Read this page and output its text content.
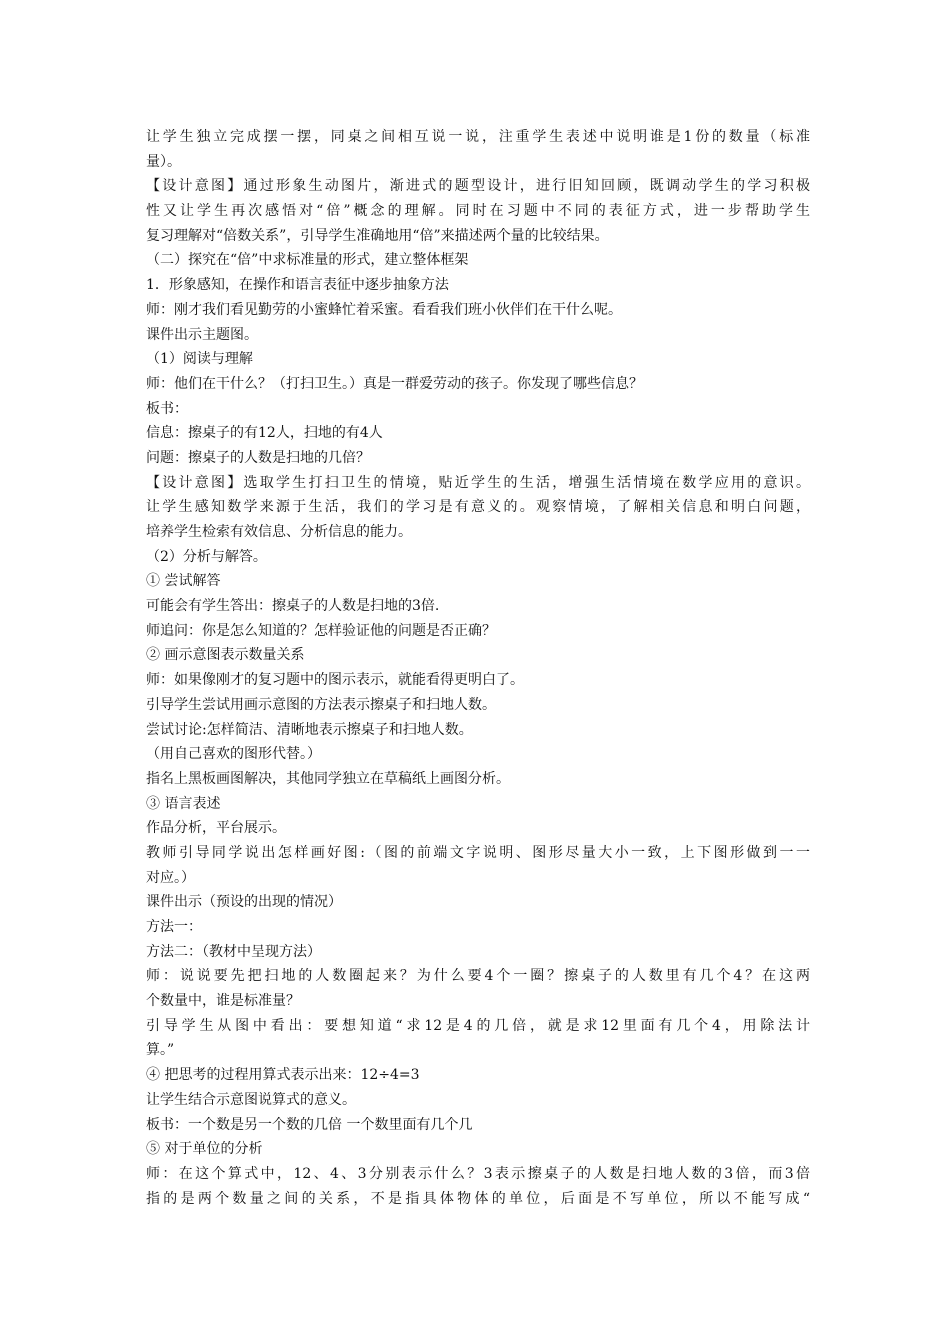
让学生独立完成摆一摆，同桌之间相互说一说，注重学生表述中说明谁是1份的数量（标准
量）。
【设计意图】通过形象生动图片，渐进式的题型设计，进行旧知回顾，既调动学生的学习积极
性又让学生再次感悟对“倍”概念的理解。同时在习题中不同的表征方式，进一步帮助学生
复习理解对“倍数关系”，引导学生准确地用“倍”来描述两个量的比较结果。
（二）探究在“倍”中求标准量的形式，建立整体框架
1．形象感知，在操作和语言表征中逐步抽象方法
师：刚才我们看见勤劳的小蜜蜂忙着采蜜。看看我们班小伙伴们在干什么呢。
课件出示主题图。
（1）阅读与理解
师：他们在干什么？（打扫卫生。）真是一群爱劳动的孩子。你发现了哪些信息？
板书：
信息：擦桌子的有12人，扫地的有4人
问题：擦桌子的人数是扫地的几倍？
【设计意图】选取学生打扫卫生的情境，贴近学生的生活，增强生活情境在数学应用的意识。
让学生感知数学来源于生活，我们的学习是有意义的。观察情境，了解相关信息和明白问题，
培养学生检索有效信息、分析信息的能力。
（2）分析与解答。
① 尝试解答
可能会有学生答出：擦桌子的人数是扫地的3倍.
师追问：你是怎么知道的？怎样验证他的问题是否正确？
② 画示意图表示数量关系
师：如果像刚才的复习题中的图示表示，就能看得更明白了。
引导学生尝试用画示意图的方法表示擦桌子和扫地人数。
尝试讨论:怎样简洁、清晰地表示擦桌子和扫地人数。
（用自己喜欢的图形代替。）
指名上黑板画图解决，其他同学独立在草稿纸上画图分析。
③ 语言表述
作品分析，平台展示。
教师引导同学说出怎样画好图:（图的前端文字说明、图形尽量大小一致，上下图形做到一一
对应。）
课件出示（预设的出现的情况）
方法一：
方法二：（教材中呈现方法）
师：说说要先把扫地的人数圈起来？为什么要4个一圈？擦桌子的人数里有几个4？在这两
个数量中，谁是标准量？
引导学生从图中看出：要想知道“求12是4的几倍，就是求12里面有几个4，用除法计
算。”
④ 把思考的过程用算式表示出来：12÷4=3
让学生结合示意图说算式的意义。
板书：一个数是另一个数的几倍 一个数里面有几个几
⑤ 对于单位的分析
师：在这个算式中，12、4、3分别表示什么？3表示擦桌子的人数是扫地人数的3倍，而3倍
指的是两个数量之间的关系，不是指具体物体的单位，后面是不写单位，所以不能写成“
